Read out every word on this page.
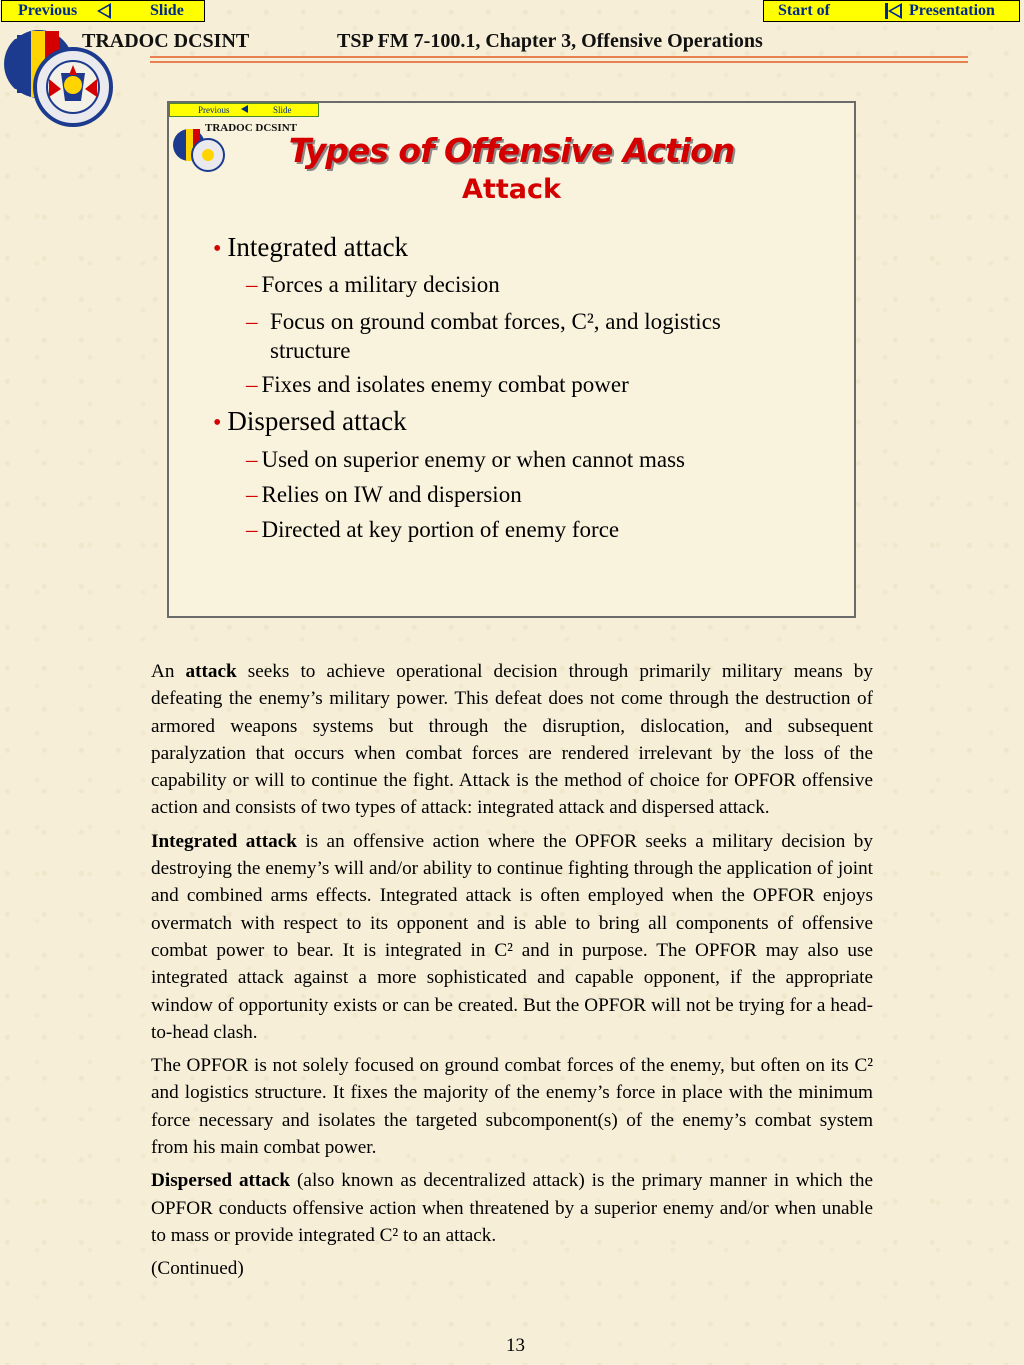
Previous	Slide	Start of	Presentation
TRADOC DCSINT	TSP FM 7-100.1, Chapter 3, Offensive Operations
Previous	Slide
TRADOC DCSINT
Types of Offensive Action
Attack
• Integrated attack
– Forces a military decision
– Focus on ground combat forces, C², and logistics structure
– Fixes and isolates enemy combat power
• Dispersed attack
– Used on superior enemy or when cannot mass
– Relies on IW and dispersion
– Directed at key portion of enemy force

An attack seeks to achieve operational decision through primarily military means by defeating the enemy’s military power. This defeat does not come through the destruction of armored weapons systems but through the disruption, dislocation, and subsequent paralyzation that occurs when combat forces are rendered irrelevant by the loss of the capability or will to continue the fight. Attack is the method of choice for OPFOR offensive action and consists of two types of attack: integrated attack and dispersed attack.

Integrated attack is an offensive action where the OPFOR seeks a military decision by destroying the enemy’s will and/or ability to continue fighting through the application of joint and combined arms effects. Integrated attack is often employed when the OPFOR enjoys overmatch with respect to its opponent and is able to bring all components of offensive combat power to bear. It is integrated in C² and in purpose. The OPFOR may also use integrated attack against a more sophisticated and capable opponent, if the appropriate window of opportunity exists or can be created. But the OPFOR will not be trying for a head-to-head clash.

The OPFOR is not solely focused on ground combat forces of the enemy, but often on its C² and logistics structure. It fixes the majority of the enemy’s force in place with the minimum force necessary and isolates the targeted subcomponent(s) of the enemy’s combat system from his main combat power.

Dispersed attack (also known as decentralized attack) is the primary manner in which the OPFOR conducts offensive action when threatened by a superior enemy and/or when unable to mass or provide integrated C² to an attack.

(Continued)

13
